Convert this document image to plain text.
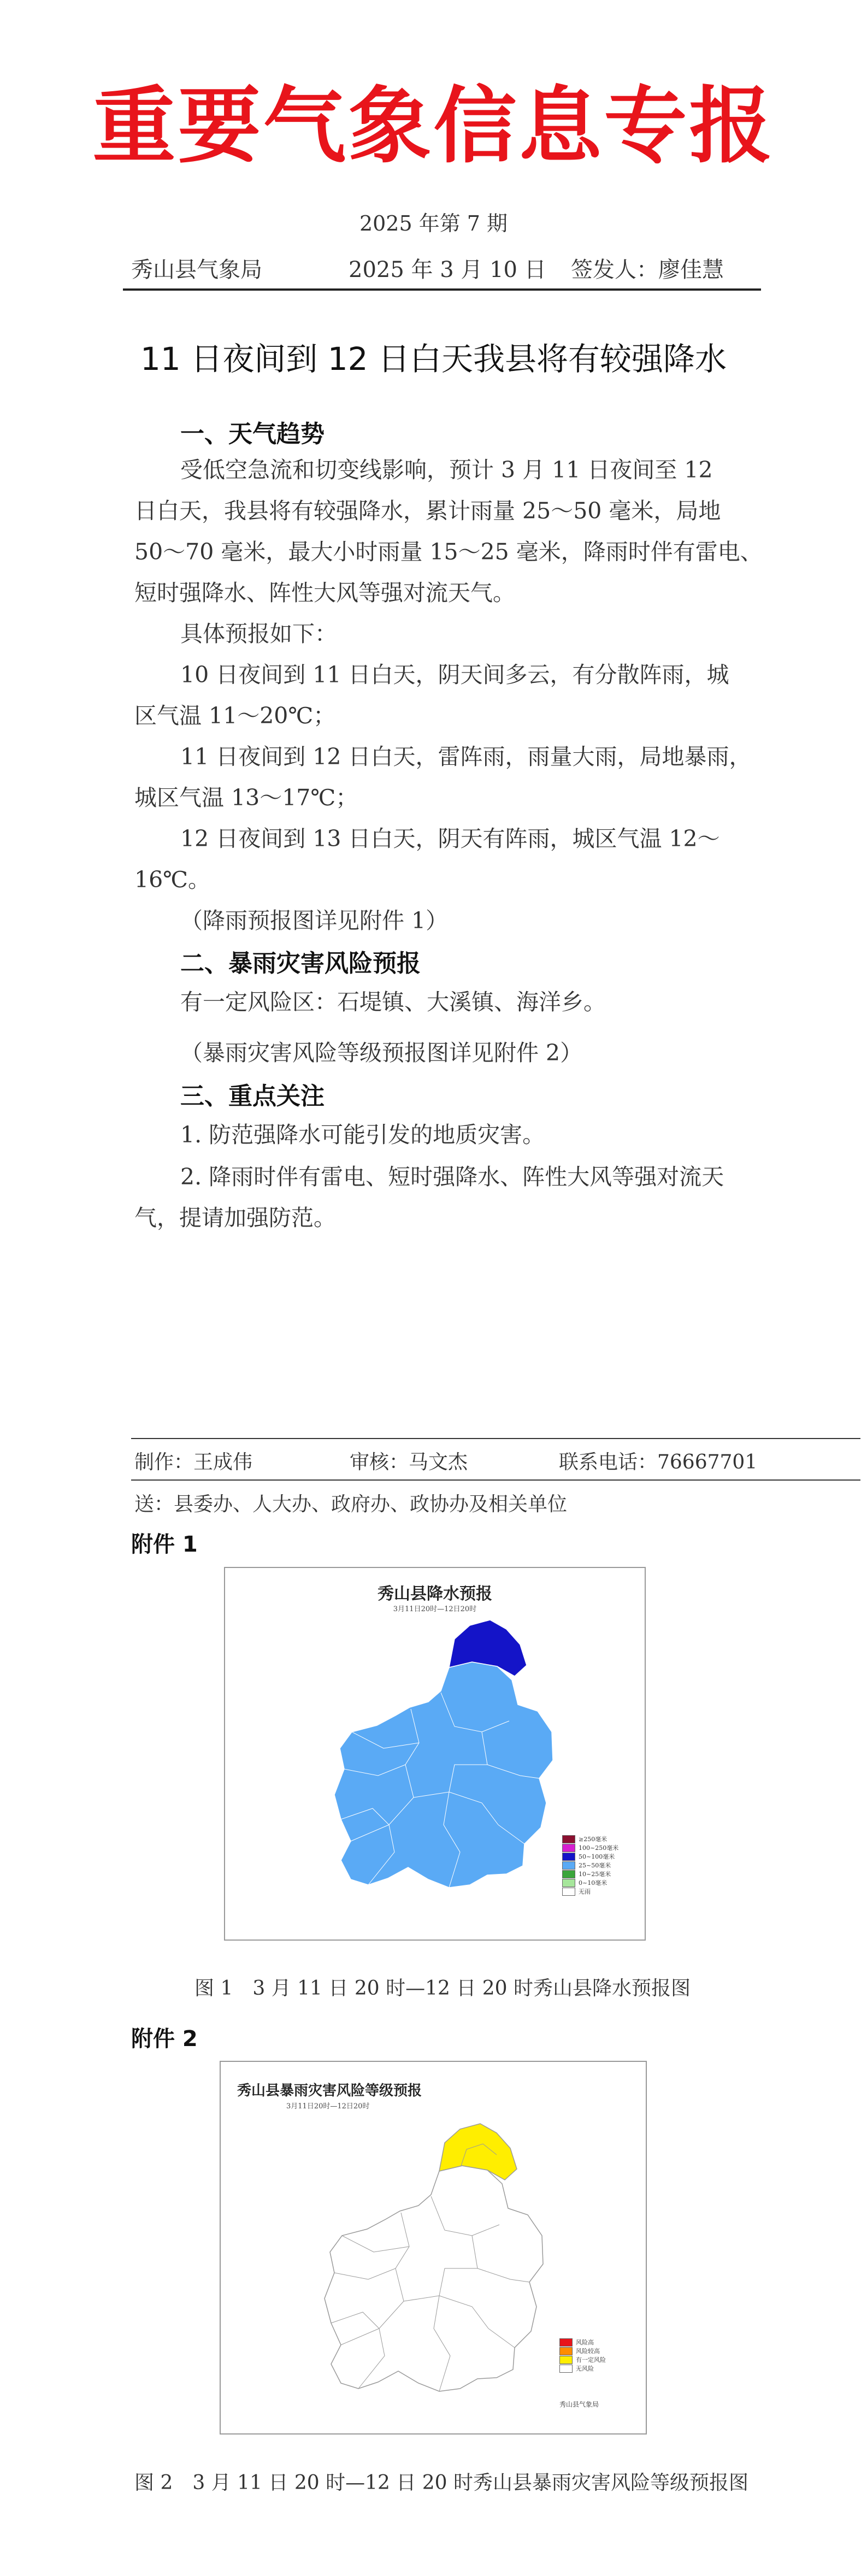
重要气象信息专报
2025 年第 7 期
秀山县气象局	2025 年 3 月 10 日 签发人：廖佳慧
11 日夜间到 12 日白天我县将有较强降水
一、天气趋势
受低空急流和切变线影响，预计 3 月 11 日夜间至 12
日白天，我县将有较强降水，累计雨量 25～50 毫米，局地
50～70 毫米，最大小时雨量 15～25 毫米，降雨时伴有雷电、
短时强降水、阵性大风等强对流天气。
具体预报如下：
10 日夜间到 11 日白天，阴天间多云，有分散阵雨，城
区气温 11～20℃；
11 日夜间到 12 日白天，雷阵雨，雨量大雨，局地暴雨，
城区气温 13～17℃；
12 日夜间到 13 日白天，阴天有阵雨，城区气温 12～
16℃。
（降雨预报图详见附件 1）
二、暴雨灾害风险预报
有一定风险区：石堤镇、大溪镇、海洋乡。
（暴雨灾害风险等级预报图详见附件 2）
三、重点关注
1. 防范强降水可能引发的地质灾害。
2. 降雨时伴有雷电、短时强降水、阵性大风等强对流天
气，提请加强防范。
制作：王成伟	审核：马文杰	联系电话：76667701
送：县委办、人大办、政府办、政协办及相关单位
附件 1
秀山县降水预报
3月11日20时—12日20时
≥250毫米
100~250毫米
50~100毫米
25~50毫米
10~25毫米
0~10毫米
无雨
图 1　3 月 11 日 20 时—12 日 20 时秀山县降水预报图
附件 2
秀山县暴雨灾害风险等级预报
3月11日20时—12日20时
风险高
风险较高
有一定风险
无风险
秀山县气象局
图 2　3 月 11 日 20 时—12 日 20 时秀山县暴雨灾害风险等级预报图
